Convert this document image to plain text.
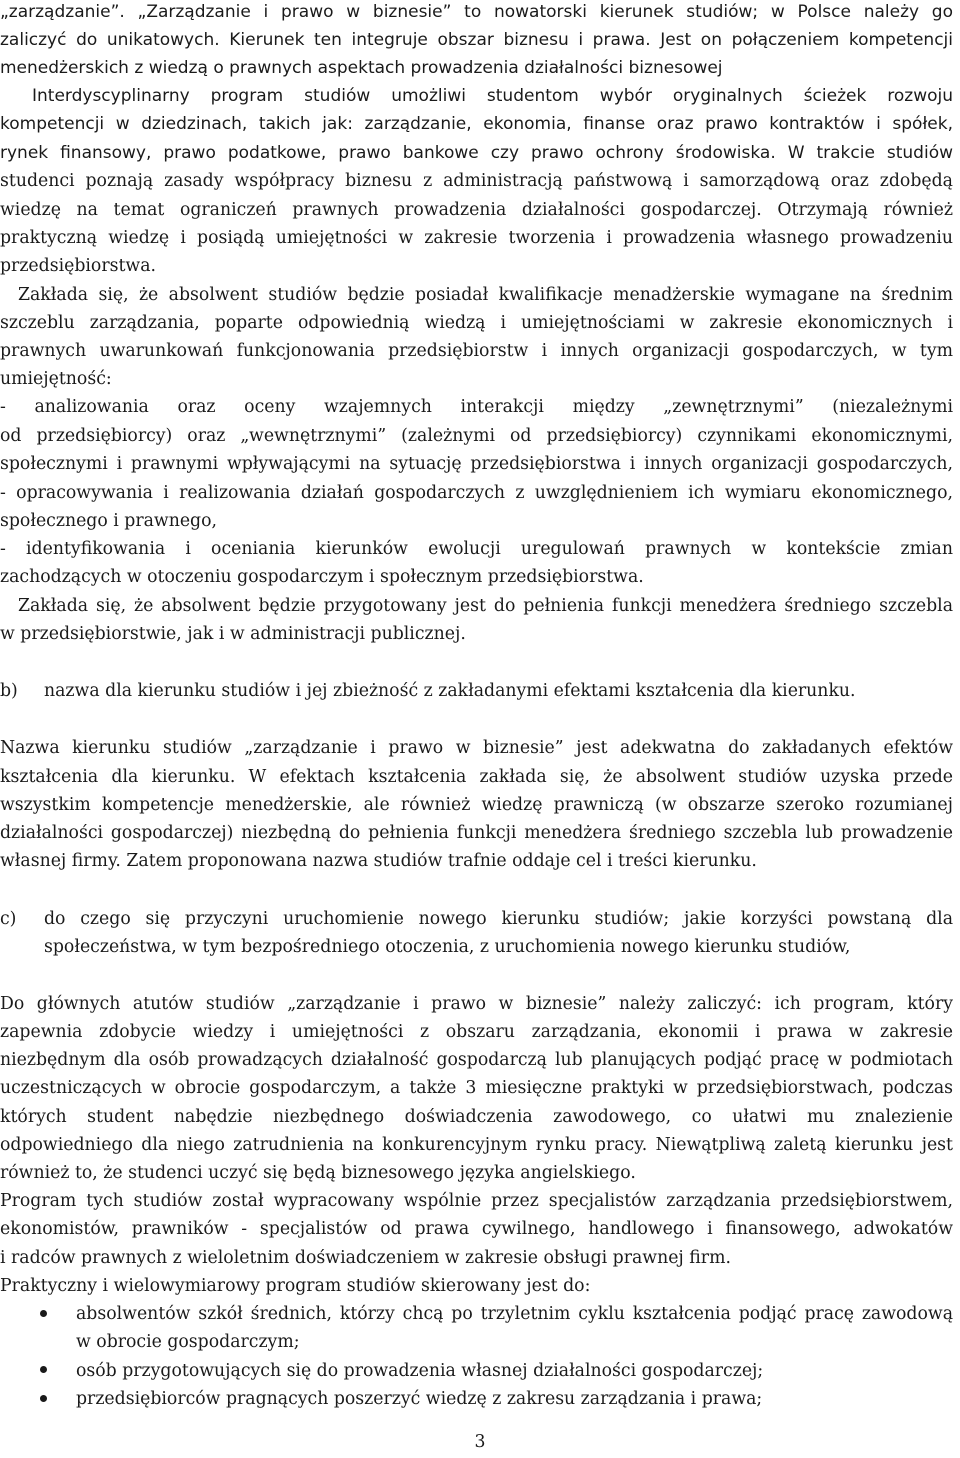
„zarządzanie”. „Zarządzanie i prawo w biznesie” to nowatorski kierunek studiów; w Polsce należy go
zaliczyć do unikatowych. Kierunek ten integruje obszar biznesu i prawa. Jest on połączeniem kompetencji
menedżerskich z wiedzą o prawnych aspektach prowadzenia działalności biznesowej
Interdyscyplinarny program studiów umożliwi studentom wybór oryginalnych ścieżek rozwoju
kompetencji w dziedzinach, takich jak: zarządzanie, ekonomia, finanse oraz prawo kontraktów i spółek,
rynek finansowy, prawo podatkowe, prawo bankowe czy prawo ochrony środowiska. W trakcie studiów
studenci poznają zasady współpracy biznesu z administracją państwową i samorządową oraz zdobędą
wiedzę na temat ograniczeń prawnych prowadzenia działalności gospodarczej. Otrzymają również
praktyczną wiedzę i posiądą umiejętności w zakresie tworzenia i prowadzenia własnego prowadzeniu
przedsiębiorstwa.
Zakłada się, że absolwent studiów będzie posiadał kwalifikacje menadżerskie wymagane na średnim
szczeblu zarządzania, poparte odpowiednią wiedzą i umiejętnościami w zakresie ekonomicznych i
prawnych uwarunkowań funkcjonowania przedsiębiorstw i innych organizacji gospodarczych, w tym
umiejętność:
- analizowania oraz oceny wzajemnych interakcji między „zewnętrznymi” (niezależnymi
od przedsiębiorcy) oraz „wewnętrznymi” (zależnymi od przedsiębiorcy) czynnikami ekonomicznymi,
społecznymi i prawnymi wpływającymi na sytuację przedsiębiorstwa i innych organizacji gospodarczych,
- opracowywania i realizowania działań gospodarczych z uwzględnieniem ich wymiaru ekonomicznego,
społecznego i prawnego,
- identyfikowania i oceniania kierunków ewolucji uregulowań prawnych w kontekście zmian
zachodzących w otoczeniu gospodarczym i społecznym przedsiębiorstwa.
Zakłada się, że absolwent będzie przygotowany jest do pełnienia funkcji menedżera średniego szczebla
w przedsiębiorstwie, jak i w administracji publicznej.
b) nazwa dla kierunku studiów i jej zbieżność z zakładanymi efektami kształcenia dla kierunku.
Nazwa kierunku studiów „zarządzanie i prawo w biznesie” jest adekwatna do zakładanych efektów
kształcenia dla kierunku. W efektach kształcenia zakłada się, że absolwent studiów uzyska przede
wszystkim kompetencje menedżerskie, ale również wiedzę prawniczą (w obszarze szeroko rozumianej
działalności gospodarczej) niezbędną do pełnienia funkcji menedżera średniego szczebla lub prowadzenie
własnej firmy. Zatem proponowana nazwa studiów trafnie oddaje cel i treści kierunku.
c) do czego się przyczyni uruchomienie nowego kierunku studiów; jakie korzyści powstaną dla
społeczeństwa, w tym bezpośredniego otoczenia, z uruchomienia nowego kierunku studiów,
Do głównych atutów studiów „zarządzanie i prawo w biznesie” należy zaliczyć: ich program, który
zapewnia zdobycie wiedzy i umiejętności z obszaru zarządzania, ekonomii i prawa w zakresie
niezbędnym dla osób prowadzących działalność gospodarczą lub planujących podjąć pracę w podmiotach
uczestniczących w obrocie gospodarczym, a także 3 miesięczne praktyki w przedsiębiorstwach, podczas
których student nabędzie niezbędnego doświadczenia zawodowego, co ułatwi mu znalezienie
odpowiedniego dla niego zatrudnienia na konkurencyjnym rynku pracy. Niewątpliwą zaletą kierunku jest
również to, że studenci uczyć się będą biznesowego języka angielskiego.
Program tych studiów został wypracowany wspólnie przez specjalistów zarządzania przedsiębiorstwem,
ekonomistów, prawników - specjalistów od prawa cywilnego, handlowego i finansowego, adwokatów
i radców prawnych z wieloletnim doświadczeniem w zakresie obsługi prawnej firm.
Praktyczny i wielowymiarowy program studiów skierowany jest do:
absolwentów szkół średnich, którzy chcą po trzyletnim cyklu kształcenia podjąć pracę zawodową
w obrocie gospodarczym;
osób przygotowujących się do prowadzenia własnej działalności gospodarczej;
przedsiębiorców pragnących poszerzyć wiedzę z zakresu zarządzania i prawa;
3
